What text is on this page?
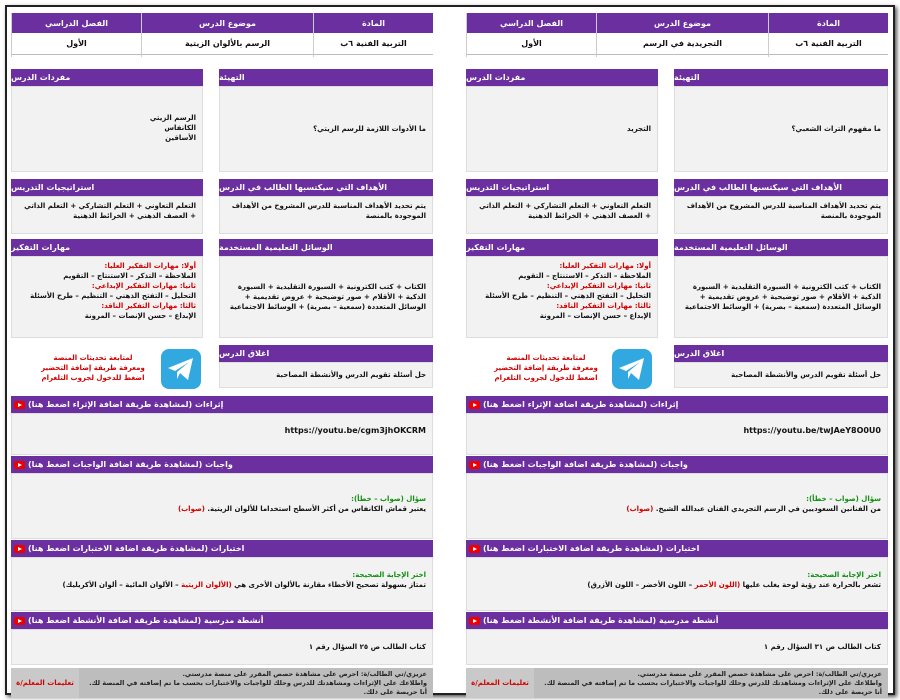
المادة
التربية الفنية ٦ب
موضوع الدرس
التجريدية في الرسم
الفصل الدراسي
الأول
التهيئة
ما مفهوم التراث الشعبي؟
مفردات الدرس
التجريد
الأهداف التي سيكتسبها الطالب في الدرس
يتم تحديد الأهداف المناسبة للدرس المشروح من الأهداف الموجودة بالمنصة
استراتيجيات التدريس
التعلم التعاوني + التعلم التشاركي + التعلم الذاتي + العصف الذهني + الخرائط الذهنية
الوسائل التعليمية المستخدمة
الكتاب + كتب الكترونية + السبورة التقليدية + السبورة الذكية + الأقلام + صور توضيحية + عروض تقديمية + الوسائل المتعددة (سمعية – بصرية) + الوسائط الاجتماعية
مهارات التفكير
أولا: مهارات التفكير العليا:
الملاحظة – التذكر – الاستنتاج – التقويم
ثانيا: مهارات التفكير الإبداعي:
التحليل – التفتح الذهني – التنظيم – طرح الأسئلة
ثالثا: مهارات التفكير الناقد:
الإبداع – حسن الإنصات – المرونة
اغلاق الدرس
حل أسئلة تقويم الدرس والأنشطة المصاحبة
لمتابعة تحديثات المنصة
ومعرفة طريقة إضافة التحضير
اضغط للدخول لجروب التلغرام
إثراءات

(لمشاهدة طريقة اضافة الإثراء اضغط هنا)
https://youtu.be/twJAeY8O0U0
واجبات

(لمشاهدة طريقة اضافة الواجبات اضغط هنا)
سؤال (صواب – خطأ):
من الفنانين السعوديين في الرسم التجريدي الفنان عبدالله الشيخ. (صواب)
اختبارات

(لمشاهدة طريقة اضافة الاختبارات اضغط هنا)
اختر الإجابة الصحيحة:
تشعر بالحرارة عند رؤية لوحة يغلب عليها (اللون الأحمر – اللون الأخضر – اللون الأزرق)
أنشطة مدرسية

(لمشاهدة طريقة اضافة الأنشطة اضغط هنا)
كتاب الطالب ص ٣١ السؤال رقم ١
تعليمات المعلم/ة
عزيزي/تي الطالب/ة: احرص على مشاهدة حصص المقرر على منصة مدرستي.
واطلاعك على الإثراءات ومشاهدتك للدرس وحلك للواجبات والاختبارات بحسب ما تم إضافته في المنصة لك. أنا حريصة على ذلك.
المادة
التربية الفنية ٦ب
موضوع الدرس
الرسم بالألوان الزيتية
الفصل الدراسي
الأول
التهيئة
ما الأدوات اللازمة للرسم الزيتي؟
مفردات الدرس
الرسم الزيتي
الكانفاس
الأساقين
الأهداف التي سيكتسبها الطالب في الدرس
يتم تحديد الأهداف المناسبة للدرس المشروح من الأهداف الموجودة بالمنصة
استراتيجيات التدريس
التعلم التعاوني + التعلم التشاركي + التعلم الذاتي + العصف الذهني + الخرائط الذهنية
الوسائل التعليمية المستخدمة
الكتاب + كتب الكترونية + السبورة التقليدية + السبورة الذكية + الأقلام + صور توضيحية + عروض تقديمية + الوسائل المتعددة (سمعية – بصرية) + الوسائط الاجتماعية
مهارات التفكير
أولا: مهارات التفكير العليا:
الملاحظة – التذكر – الاستنتاج – التقويم
ثانيا: مهارات التفكير الإبداعي:
التحليل – التفتح الذهني – التنظيم – طرح الأسئلة
ثالثا: مهارات التفكير الناقد:
الإبداع – حسن الإنصات – المرونة
اغلاق الدرس
حل أسئلة تقويم الدرس والأنشطة المصاحبة
لمتابعة تحديثات المنصة
ومعرفة طريقة إضافة التحضير
اضغط للدخول لجروب التلغرام
إثراءات

(لمشاهدة طريقة اضافة الإثراء اضغط هنا)
https://youtu.be/cgm3jhOKCRM
واجبات

(لمشاهدة طريقة اضافة الواجبات اضغط هنا)
سؤال (صواب – خطأ):
يعتبر قماش الكانفاس من أكثر الأسطح استخداما للألوان الزيتية. (صواب)
اختبارات

(لمشاهدة طريقة اضافة الاختبارات اضغط هنا)
اختر الإجابة الصحيحة:
تمتاز بسهولة تصحيح الأخطاء مقارنة بالألوان الأخرى هي (الألوان الزيتية – الألوان المائية – ألوان الأكريليك)
أنشطة مدرسية

(لمشاهدة طريقة اضافة الأنشطة اضغط هنا)
كتاب الطالب ص ٢٥ السؤال رقم ١
تعليمات المعلم/ة
عزيزي/تي الطالب/ة: احرص على مشاهدة حصص المقرر على منصة مدرستي.
واطلاعك على الإثراءات ومشاهدتك للدرس وحلك للواجبات والاختبارات بحسب ما تم إضافته في المنصة لك. أنا حريصة على ذلك.
